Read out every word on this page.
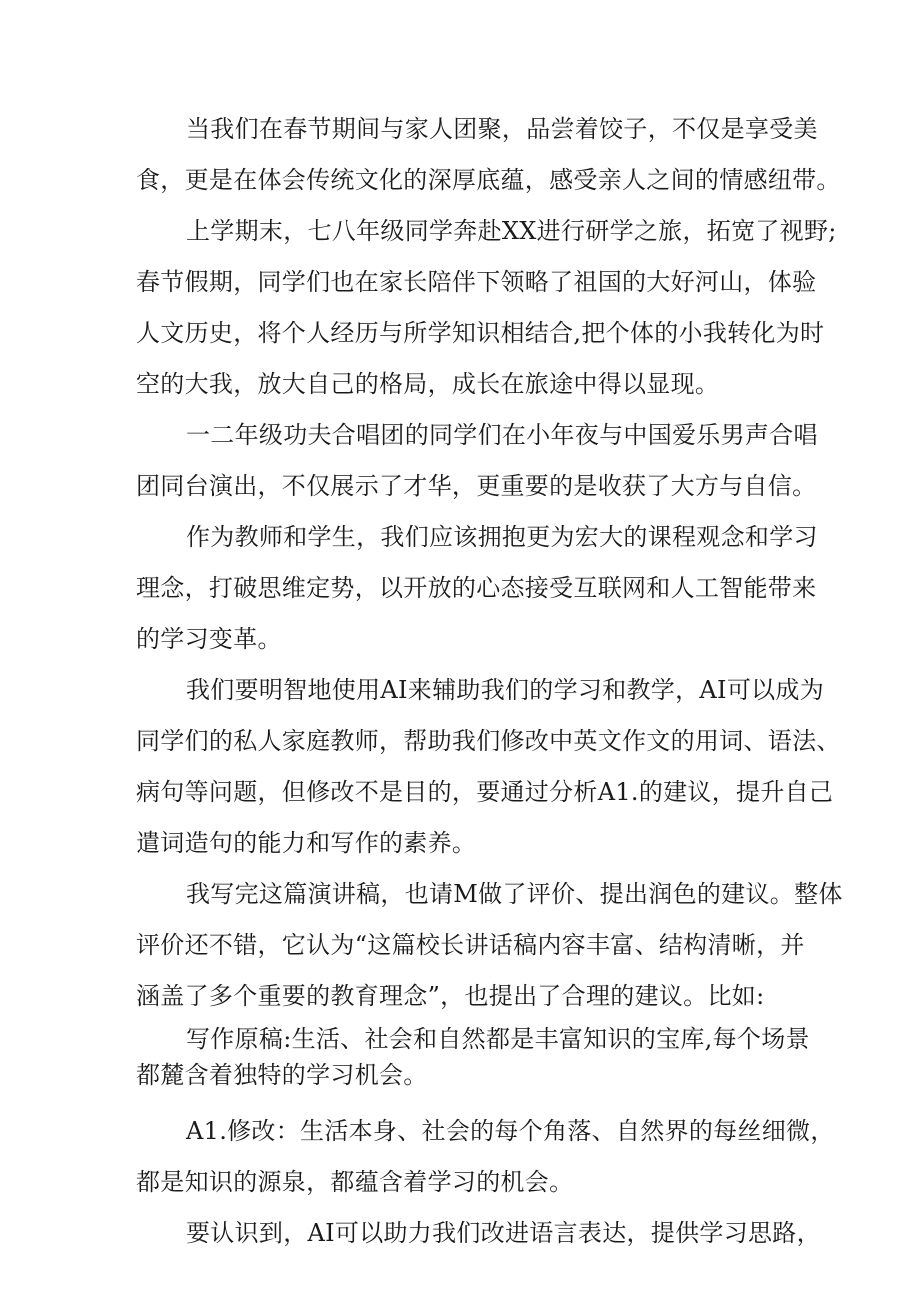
当我们在春节期间与家人团聚，品尝着饺子，不仅是享受美
食，更是在体会传统文化的深厚底蕴，感受亲人之间的情感纽带。
上学期末，七八年级同学奔赴XX进行研学之旅，拓宽了视野;
春节假期，同学们也在家长陪伴下领略了祖国的大好河山，体验
人文历史，将个人经历与所学知识相结合,把个体的小我转化为时
空的大我，放大自己的格局，成长在旅途中得以显现。
一二年级功夫合唱团的同学们在小年夜与中国爱乐男声合唱
团同台演出，不仅展示了才华，更重要的是收获了大方与自信。
作为教师和学生，我们应该拥抱更为宏大的课程观念和学习
理念，打破思维定势，以开放的心态接受互联网和人工智能带来
的学习变革。
我们要明智地使用AI来辅助我们的学习和教学，AI可以成为
同学们的私人家庭教师，帮助我们修改中英文作文的用词、语法、
病句等问题，但修改不是目的，要通过分析A1.的建议，提升自己
遣词造句的能力和写作的素养。
我写完这篇演讲稿，也请M做了评价、提出润色的建议。整体
评价还不错，它认为“这篇校长讲话稿内容丰富、结构清晰，并
涵盖了多个重要的教育理念”，也提出了合理的建议。比如:
写作原稿:生活、社会和自然都是丰富知识的宝库,每个场景
都麓含着独特的学习机会。
A1.修改：生活本身、社会的每个角落、自然界的每丝细微，
都是知识的源泉，都蕴含着学习的机会。
要认识到，AI可以助力我们改进语言表达，提供学习思路，
